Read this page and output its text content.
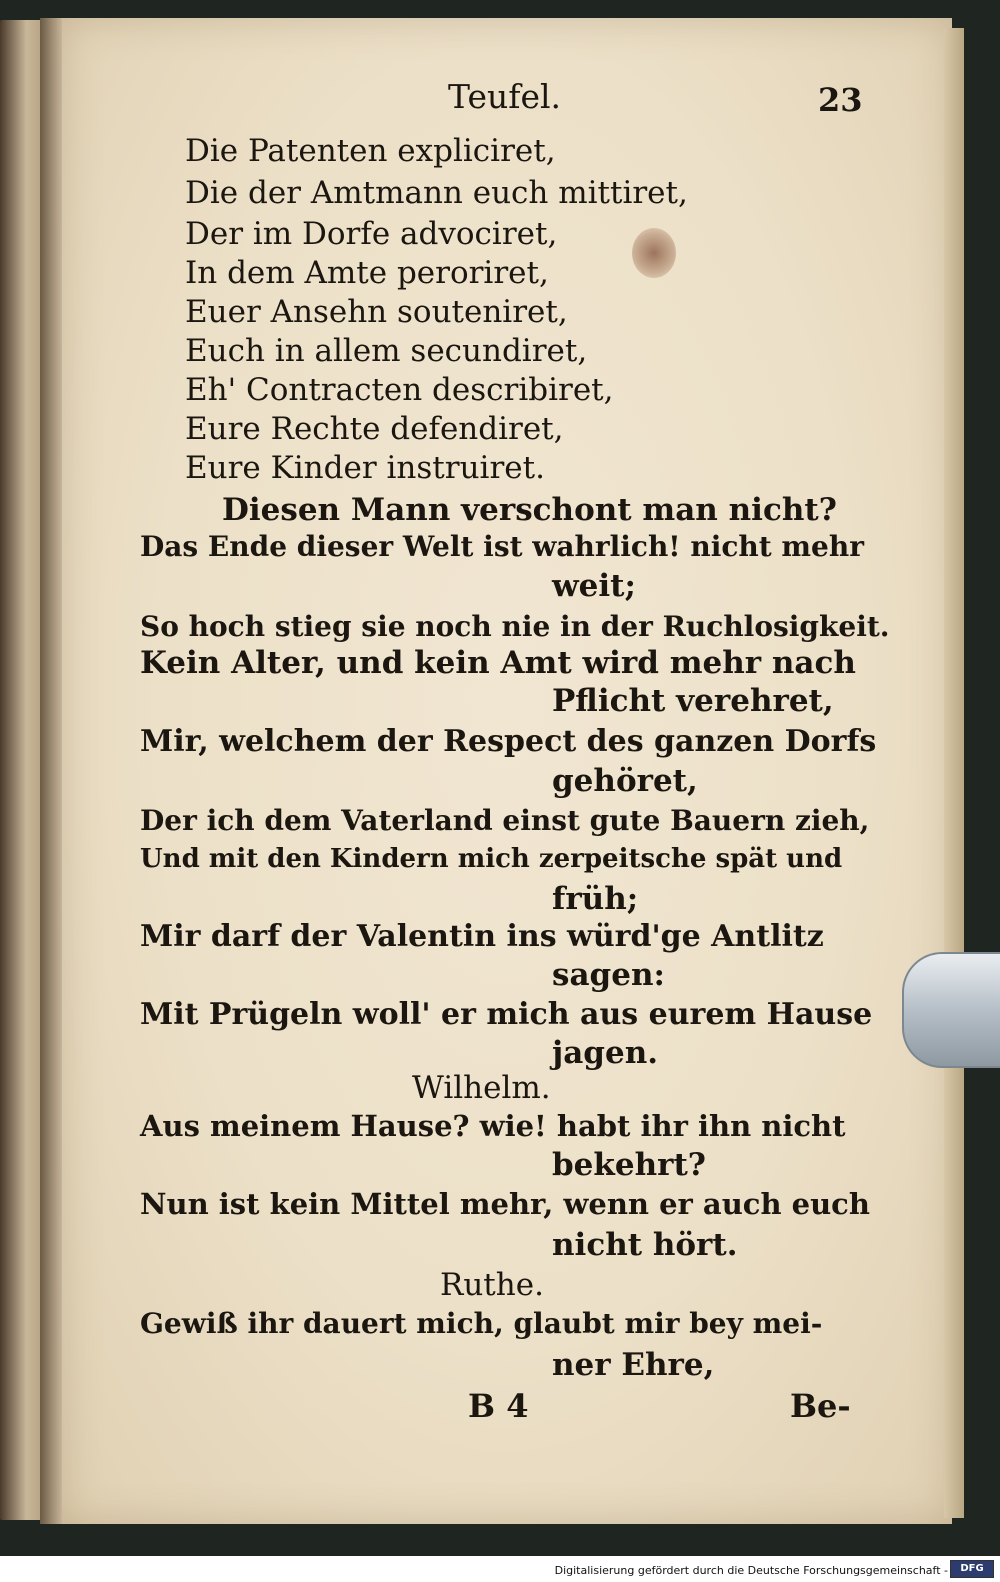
Teufel.	23
Die Patenten expliciret,
Die der Amtmann euch mittiret,
Der im Dorfe advociret,
In dem Amte peroriret,
Euer Ansehn souteniret,
Euch in allem secundiret,
Eh' Contracten describiret,
Eure Rechte defendiret,
Eure Kinder instruiret.
Diesen Mann verschont man nicht?
Das Ende dieser Welt ist wahrlich! nicht mehr
weit;
So hoch stieg sie noch nie in der Ruchlosigkeit.
Kein Alter, und kein Amt wird mehr nach
Pflicht verehret,
Mir, welchem der Respect des ganzen Dorfs
gehöret,
Der ich dem Vaterland einst gute Bauern zieh,
Und mit den Kindern mich zerpeitsche spät und
früh;
Mir darf der Valentin ins würd'ge Antlitz
sagen:
Mit Prügeln woll' er mich aus eurem Hause
jagen.
Wilhelm.
Aus meinem Hause? wie! habt ihr ihn nicht
bekehrt?
Nun ist kein Mittel mehr, wenn er auch euch
nicht hört.
Ruthe.
Gewiß ihr dauert mich, glaubt mir bey mei-
ner Ehre,
B 4	Be-
Digitalisierung gefördert durch die Deutsche Forschungsgemeinschaft -	DFG
